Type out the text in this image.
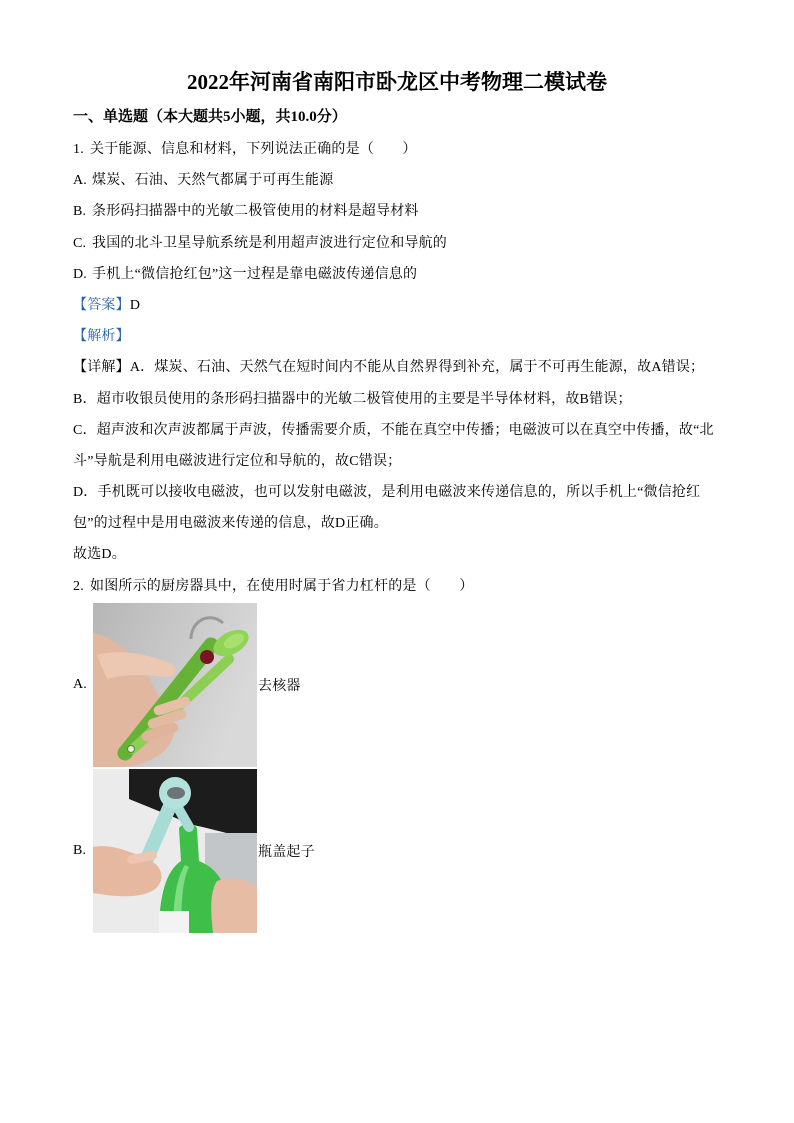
2022年河南省南阳市卧龙区中考物理二模试卷
一、单选题（本大题共5小题，共10.0分）
1. 关于能源、信息和材料，下列说法正确的是（　　）
A. 煤炭、石油、天然气都属于可再生能源
B. 条形码扫描器中的光敏二极管使用的材料是超导材料
C. 我国的北斗卫星导航系统是利用超声波进行定位和导航的
D. 手机上“微信抢红包”这一过程是靠电磁波传递信息的
【答案】 D
【解析】
【详解】 A．煤炭、石油、天然气在短时间内不能从自然界得到补充，属于不可再生能源，故A错误；
B．超市收银员使用的条形码扫描器中的光敏二极管使用的主要是半导体材料，故B错误；
C．超声波和次声波都属于声波，传播需要介质，不能在真空中传播；电磁波可以在真空中传播，故“北
斗”导航是利用电磁波进行定位和导航的，故C错误；
D．手机既可以接收电磁波，也可以发射电磁波，是利用电磁波来传递信息的，所以手机上“微信抢红
包”的过程中是用电磁波来传递的信息，故D正确。
故选D。
2. 如图所示的厨房器具中，在使用时属于省力杠杆的是（　　）
A.	去核器
B.	瓶盖起子
